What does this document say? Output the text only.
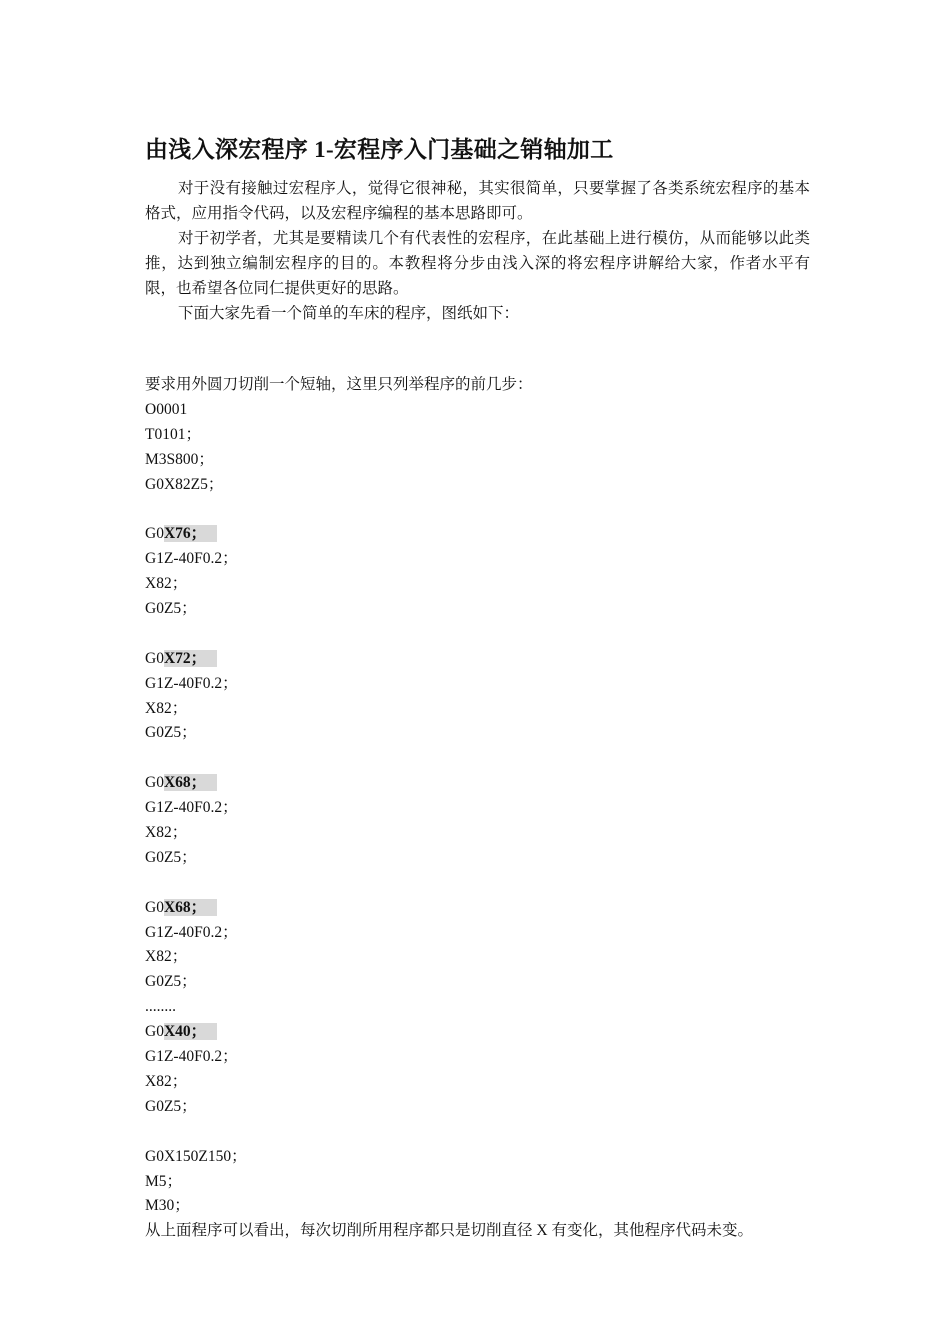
由浅入深宏程序 1-宏程序入门基础之销轴加工

对于没有接触过宏程序人，觉得它很神秘，其实很简单，只要掌握了各类系统宏程序的基本格式，应用指令代码，以及宏程序编程的基本思路即可。

对于初学者，尤其是要精读几个有代表性的宏程序，在此基础上进行模仿，从而能够以此类推，达到独立编制宏程序的目的。本教程将分步由浅入深的将宏程序讲解给大家，作者水平有限，也希望各位同仁提供更好的思路。

下面大家先看一个简单的车床的程序，图纸如下：

要求用外圆刀切削一个短轴，这里只列举程序的前几步：
O0001
T0101；
M3S800；
G0X82Z5；
G0X76；
G1Z-40F0.2；
X82；
G0Z5；
G0X72；
G1Z-40F0.2；
X82；
G0Z5；
G0X68；
G1Z-40F0.2；
X82；
G0Z5；
G0X68；
G1Z-40F0.2；
X82；
G0Z5；
........
G0X40；
G1Z-40F0.2；
X82；
G0Z5；
G0X150Z150；
M5；
M30；
从上面程序可以看出，每次切削所用程序都只是切削直径 X 有变化，其他程序代码未变。
